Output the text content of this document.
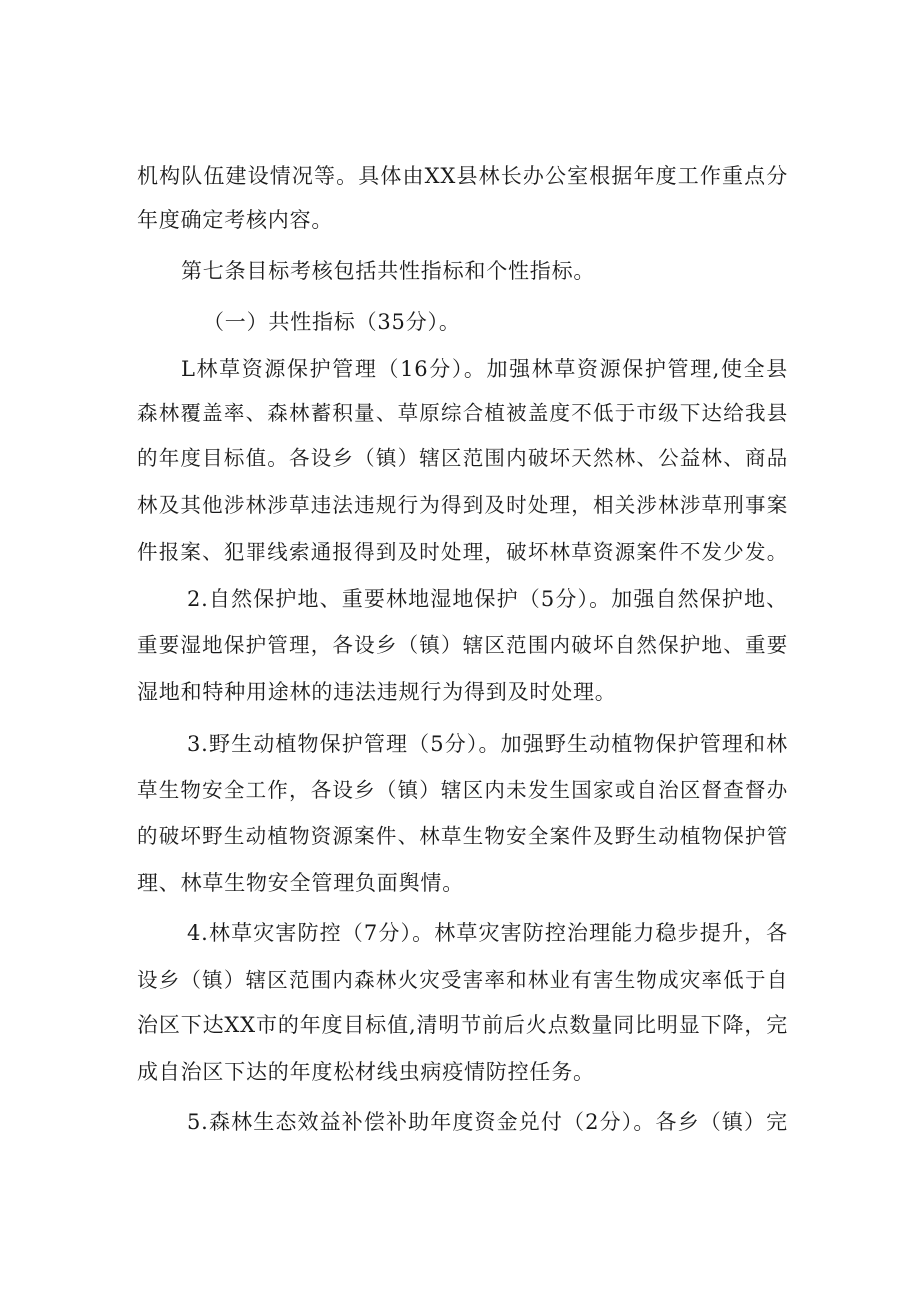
机构队伍建设情况等。具体由XX县林长办公室根据年度工作重点分
年度确定考核内容。
第七条目标考核包括共性指标和个性指标。
（一）共性指标（35分）。
L林草资源保护管理（16分）。加强林草资源保护管理,使全县
森林覆盖率、森林蓄积量、草原综合植被盖度不低于市级下达给我县
的年度目标值。各设乡（镇）辖区范围内破坏天然林、公益林、商品
林及其他涉林涉草违法违规行为得到及时处理，相关涉林涉草刑事案
件报案、犯罪线索通报得到及时处理，破坏林草资源案件不发少发。
2.自然保护地、重要林地湿地保护（5分）。加强自然保护地、
重要湿地保护管理，各设乡（镇）辖区范围内破坏自然保护地、重要
湿地和特种用途林的违法违规行为得到及时处理。
3.野生动植物保护管理（5分）。加强野生动植物保护管理和林
草生物安全工作，各设乡（镇）辖区内未发生国家或自治区督查督办
的破坏野生动植物资源案件、林草生物安全案件及野生动植物保护管
理、林草生物安全管理负面舆情。
4.林草灾害防控（7分）。林草灾害防控治理能力稳步提升，各
设乡（镇）辖区范围内森林火灾受害率和林业有害生物成灾率低于自
治区下达XX市的年度目标值,清明节前后火点数量同比明显下降，完
成自治区下达的年度松材线虫病疫情防控任务。
5.森林生态效益补偿补助年度资金兑付（2分）。各乡（镇）完
